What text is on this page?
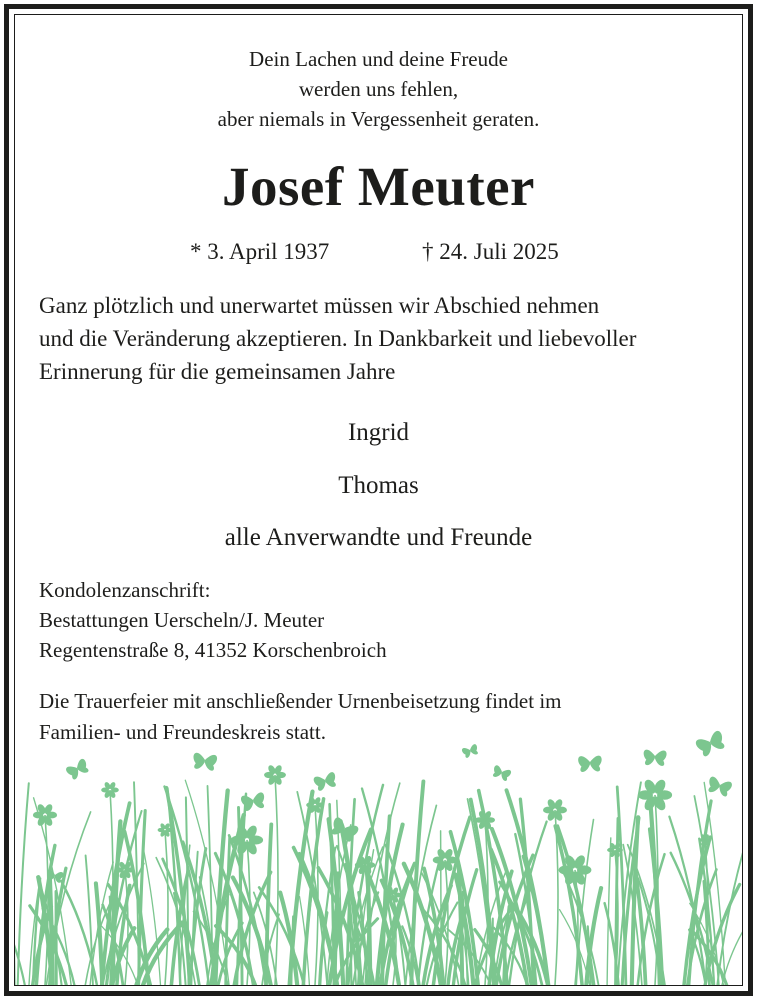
Dein Lachen und deine Freude
werden uns fehlen,
aber niemals in Vergessenheit geraten.
Josef Meuter
* 3. April 1937	† 24. Juli 2025
Ganz plötzlich und unerwartet müssen wir Abschied nehmen
und die Veränderung akzeptieren. In Dankbarkeit und liebevoller
Erinnerung für die gemeinsamen Jahre
Ingrid
Thomas
alle Anverwandte und Freunde
Kondolenzanschrift:
Bestattungen Uerscheln/J. Meuter
Regentenstraße 8, 41352 Korschenbroich
Die Trauerfeier mit anschließender Urnenbeisetzung findet im
Familien- und Freundeskreis statt.
